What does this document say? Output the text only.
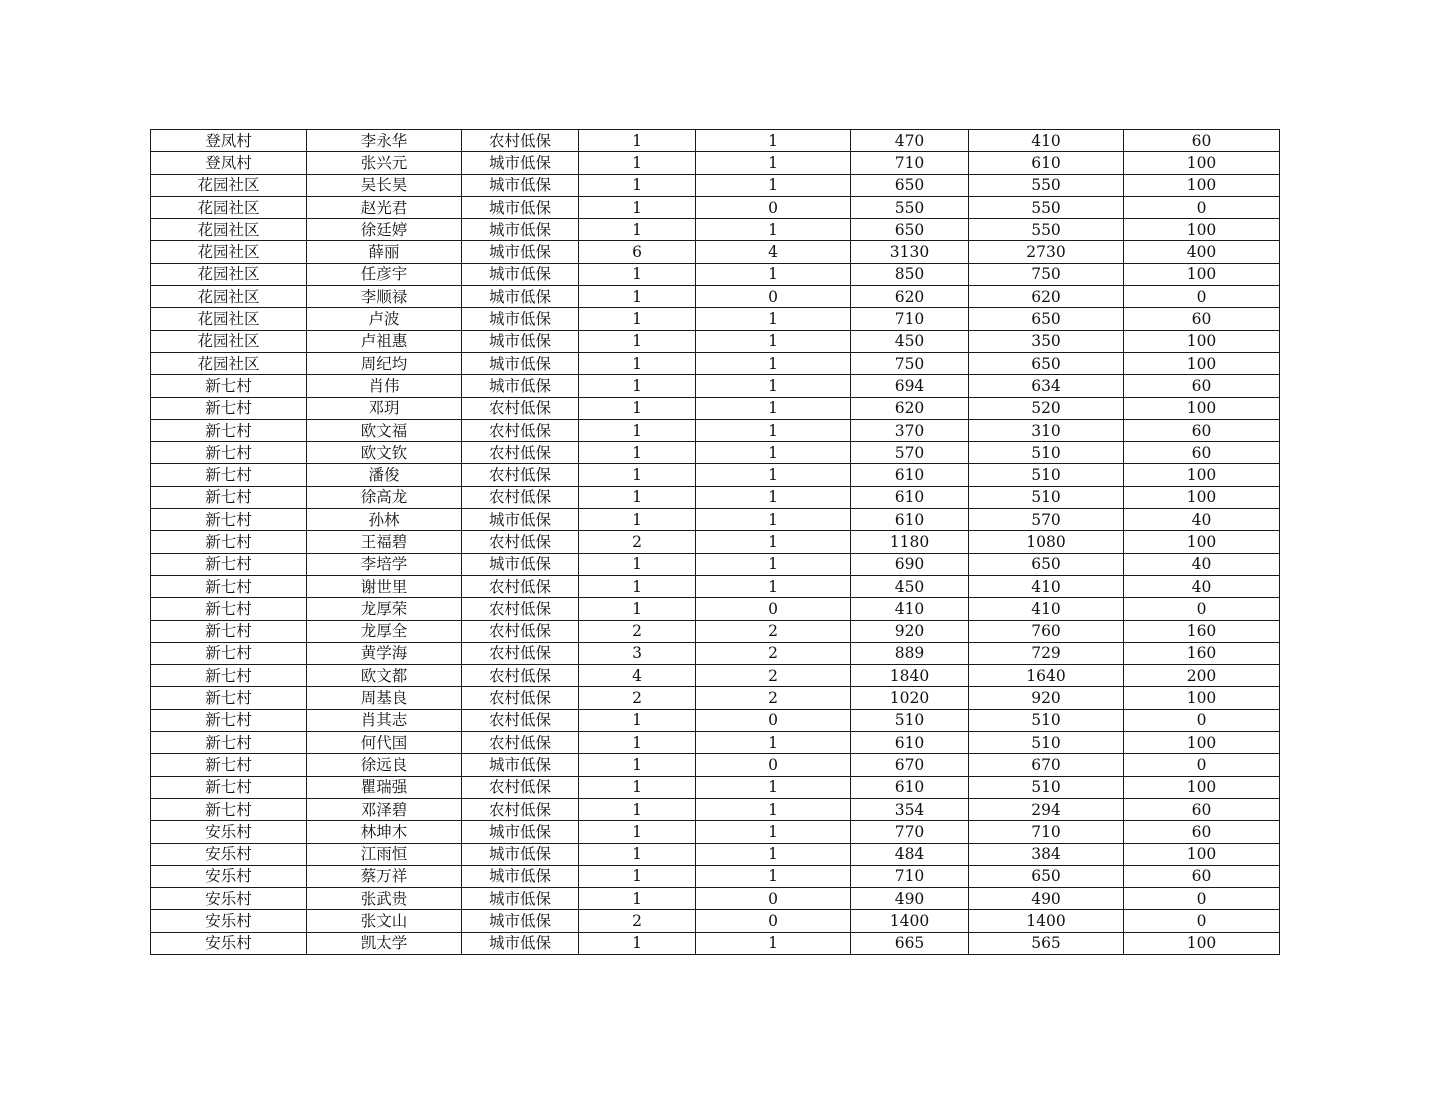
登凤村	李永华	农村低保	1	1	470	410	60
登凤村	张兴元	城市低保	1	1	710	610	100
花园社区	吴长昊	城市低保	1	1	650	550	100
花园社区	赵光君	城市低保	1	0	550	550	0
花园社区	徐廷婷	城市低保	1	1	650	550	100
花园社区	薛丽	城市低保	6	4	3130	2730	400
花园社区	任彦宇	城市低保	1	1	850	750	100
花园社区	李顺禄	城市低保	1	0	620	620	0
花园社区	卢波	城市低保	1	1	710	650	60
花园社区	卢祖惠	城市低保	1	1	450	350	100
花园社区	周纪均	城市低保	1	1	750	650	100
新七村	肖伟	城市低保	1	1	694	634	60
新七村	邓玥	农村低保	1	1	620	520	100
新七村	欧文福	农村低保	1	1	370	310	60
新七村	欧文钦	农村低保	1	1	570	510	60
新七村	潘俊	农村低保	1	1	610	510	100
新七村	徐高龙	农村低保	1	1	610	510	100
新七村	孙林	城市低保	1	1	610	570	40
新七村	王福碧	农村低保	2	1	1180	1080	100
新七村	李培学	城市低保	1	1	690	650	40
新七村	谢世里	农村低保	1	1	450	410	40
新七村	龙厚荣	农村低保	1	0	410	410	0
新七村	龙厚全	农村低保	2	2	920	760	160
新七村	黄学海	农村低保	3	2	889	729	160
新七村	欧文都	农村低保	4	2	1840	1640	200
新七村	周基良	农村低保	2	2	1020	920	100
新七村	肖其志	农村低保	1	0	510	510	0
新七村	何代国	农村低保	1	1	610	510	100
新七村	徐远良	城市低保	1	0	670	670	0
新七村	瞿瑞强	农村低保	1	1	610	510	100
新七村	邓泽碧	农村低保	1	1	354	294	60
安乐村	林坤木	城市低保	1	1	770	710	60
安乐村	江雨恒	城市低保	1	1	484	384	100
安乐村	蔡万祥	城市低保	1	1	710	650	60
安乐村	张武贵	城市低保	1	0	490	490	0
安乐村	张文山	城市低保	2	0	1400	1400	0
安乐村	凯太学	城市低保	1	1	665	565	100
